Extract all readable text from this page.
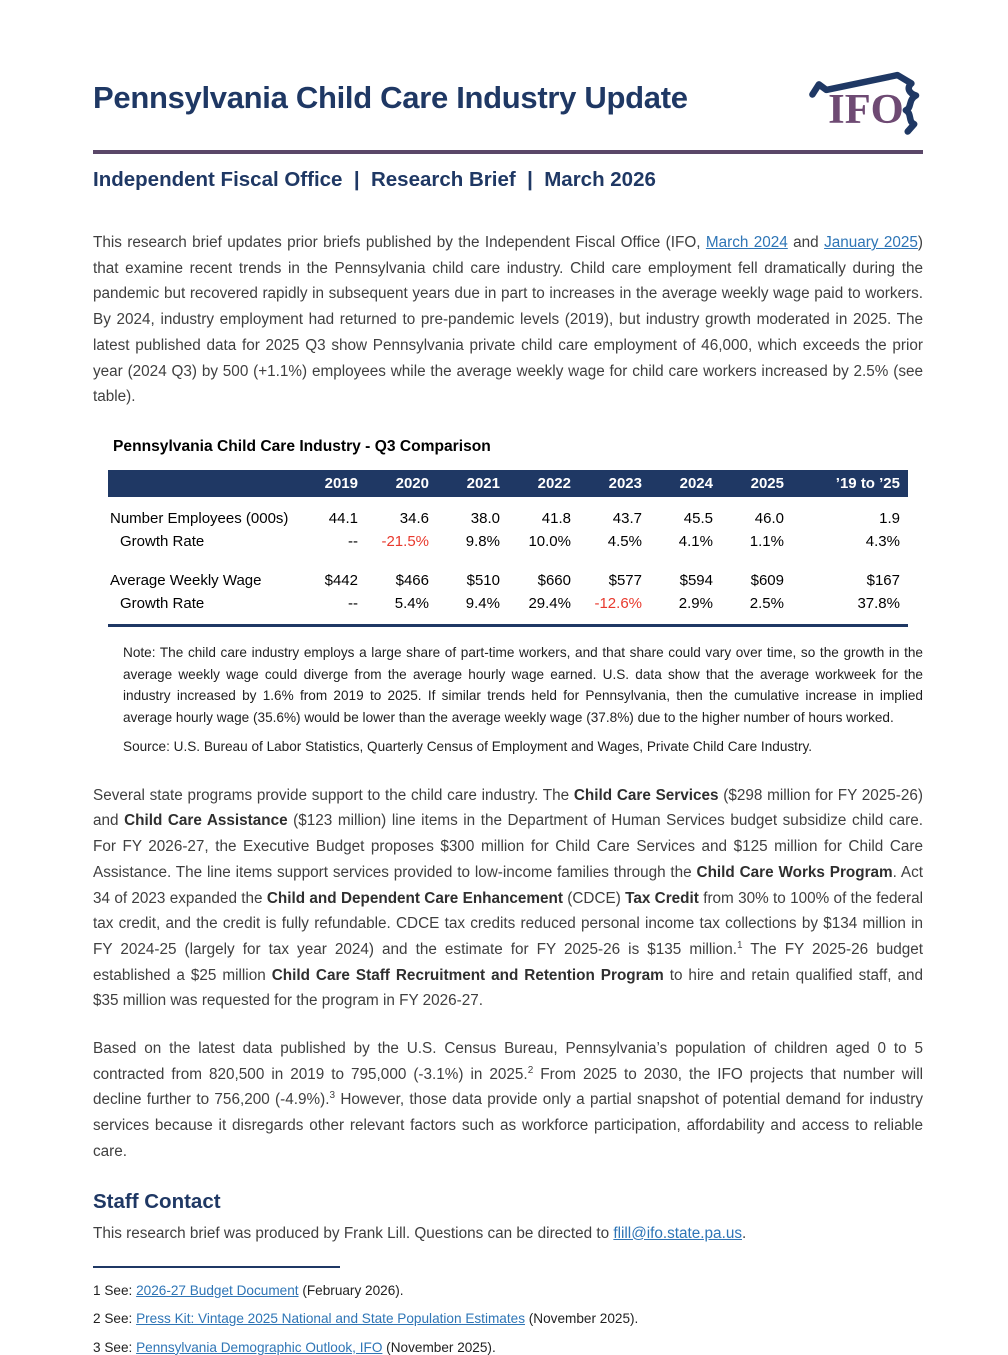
Pennsylvania Child Care Industry Update	IFO
Independent Fiscal Office  |  Research Brief  |  March 2026

This research brief updates prior briefs published by the Independent Fiscal Office (IFO, March 2024 and January 2025) that examine recent trends in the Pennsylvania child care industry. Child care employment fell dramatically during the pandemic but recovered rapidly in subsequent years due in part to increases in the average weekly wage paid to workers. By 2024, industry employment had returned to pre-pandemic levels (2019), but industry growth moderated in 2025. The latest published data for 2025 Q3 show Pennsylvania private child care employment of 46,000, which exceeds the prior year (2024 Q3) by 500 (+1.1%) employees while the average weekly wage for child care workers increased by 2.5% (see table).

Pennsylvania Child Care Industry - Q3 Comparison
	2019	2020	2021	2022	2023	2024	2025	’19 to ’25
Number Employees (000s)	44.1	34.6	38.0	41.8	43.7	45.5	46.0	1.9
Growth Rate	--	-21.5%	9.8%	10.0%	4.5%	4.1%	1.1%	4.3%

Average Weekly Wage	$442	$466	$510	$660	$577	$594	$609	$167
Growth Rate	--	5.4%	9.4%	29.4%	-12.6%	2.9%	2.5%	37.8%

Note: The child care industry employs a large share of part-time workers, and that share could vary over time, so the growth in the average weekly wage could diverge from the average hourly wage earned. U.S. data show that the average workweek for the industry increased by 1.6% from 2019 to 2025. If similar trends held for Pennsylvania, then the cumulative increase in implied average hourly wage (35.6%) would be lower than the average weekly wage (37.8%) due to the higher number of hours worked.

Source: U.S. Bureau of Labor Statistics, Quarterly Census of Employment and Wages, Private Child Care Industry.

Several state programs provide support to the child care industry. The Child Care Services ($298 million for FY 2025-26) and Child Care Assistance ($123 million) line items in the Department of Human Services budget subsidize child care. For FY 2026-27, the Executive Budget proposes $300 million for Child Care Services and $125 million for Child Care Assistance. The line items support services provided to low-income families through the Child Care Works Program. Act 34 of 2023 expanded the Child and Dependent Care Enhancement (CDCE) Tax Credit from 30% to 100% of the federal tax credit, and the credit is fully refundable. CDCE tax credits reduced personal income tax collections by $134 million in FY 2024-25 (largely for tax year 2024) and the estimate for FY 2025-26 is $135 million.$^1$ The FY 2025-26 budget established a $25 million Child Care Staff Recruitment and Retention Program to hire and retain qualified staff, and $35 million was requested for the program in FY 2026-27.

Based on the latest data published by the U.S. Census Bureau, Pennsylvania’s population of children aged 0 to 5 contracted from 820,500 in 2019 to 795,000 (-3.1%) in 2025.$^2$ From 2025 to 2030, the IFO projects that number will decline further to 756,200 (-4.9%).$^3$ However, those data provide only a partial snapshot of potential demand for industry services because it disregards other relevant factors such as workforce participation, affordability and access to reliable care.

Staff Contact

This research brief was produced by Frank Lill. Questions can be directed to flill@ifo.state.pa.us.

1 See: 2026-27 Budget Document (February 2026).

2 See: Press Kit: Vintage 2025 National and State Population Estimates (November 2025).

3 See: Pennsylvania Demographic Outlook, IFO (November 2025).
